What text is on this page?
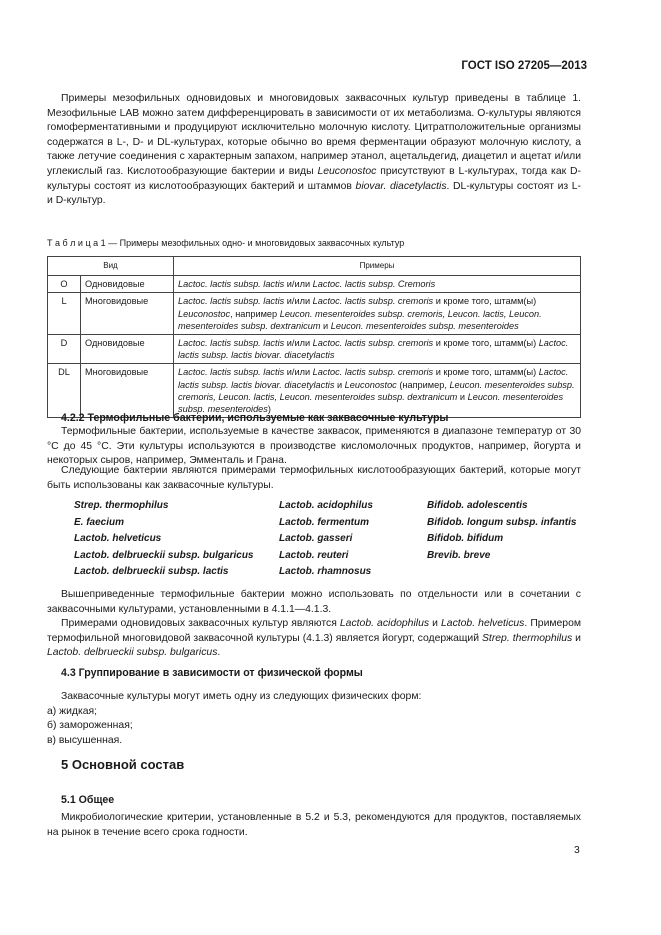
ГОСТ ISO 27205—2013

Примеры мезофильных одновидовых и многовидовых заквасочных культур приведены в таблице 1. Мезофильные LAB можно затем дифференцировать в зависимости от их метаболизма. О-культуры являются гомоферментативными и продуцируют исключительно молочную кислоту. Цитратположительные организмы содержатся в L-, D- и DL-культурах, которые обычно во время ферментации образуют молочную кислоту, а также летучие соединения с характерным запахом, например этанол, ацетальдегид, диацетил и ацетат и/или углекислый газ. Кислотообразующие бактерии и виды Leuconostoc присутствуют в L-культурах, тогда как D-культуры состоят из кислотообразующих бактерий и штаммов biovar. diacetylactis. DL-культуры состоят из L- и D-культур.

Т а б л и ц а 1 — Примеры мезофильных одно- и многовидовых заквасочных культур
Вид		Примеры
O	Одновидовые	Lactoc. lactis subsp. lactis и/или Lactoc. lactis subsp. Cremoris
L	Многовидовые	Lactoc. lactis subsp. lactis и/или Lactoc. lactis subsp. cremoris и кроме того, штамм(ы) Leuconostoc, например Leucon. mesenteroides subsp. cremoris, Leucon. lactis, Leucon. mesenteroides subsp. dextranicum и Leucon. mesenteroides subsp. mesenteroides
D	Одновидовые	Lactoc. lactis subsp. lactis и/или Lactoc. lactis subsp. cremoris и кроме того, штамм(ы) Lactoc. lactis subsp. lactis biovar. diacetylactis
DL	Многовидовые	Lactoc. lactis subsp. lactis и/или Lactoc. lactis subsp. cremoris и кроме того, штамм(ы) Lactoc. lactis subsp. lactis biovar. diacetylactis и Leuconostoc (например, Leucon. mesenteroides subsp. cremoris, Leucon. lactis, Leucon. mesenteroides subsp. dextranicum и Leucon. mesenteroides subsp. mesenteroides)
4.2.2 Термофильные бактерии, используемые как заквасочные культуры

Термофильные бактерии, используемые в качестве заквасок, применяются в диапазоне температур от 30 °С до 45 °С. Эти культуры используются в производстве кисломолочных продуктов, например, йогурта и некоторых сыров, например, Эмменталь и Грана.

Следующие бактерии являются примерами термофильных кислотообразующих бактерий, которые могут быть использованы как заквасочные культуры.

Strep. thermophilus
E. faecium
Lactob. helveticus
Lactob. delbrueckii subsp. bulgaricus
Lactob. delbrueckii subsp. lactis
Lactob. acidophilus
Lactob. fermentum
Lactob. gasseri
Lactob. reuteri
Lactob. rhamnosus
Bifidob. adolescentis
Bifidob. longum subsp. infantis
Bifidob. bifidum
Brevib. breve

Вышеприведенные термофильные бактерии можно использовать по отдельности или в сочетании с заквасочными культурами, установленными в 4.1.1—4.1.3.

Примерами одновидовых заквасочных культур являются Lactob. acidophilus и Lactob. helveticus. Примером термофильной многовидовой заквасочной культуры (4.1.3) является йогурт, содержащий Strep. thermophilus и Lactob. delbrueckii subsp. bulgaricus.

4.3 Группирование в зависимости от физической формы

Заквасочные культуры могут иметь одну из следующих физических форм:

а) жидкая;
б) замороженная;
в) высушенная.
5 Основной состав
5.1 Общее

Микробиологические критерии, установленные в 5.2 и 5.3, рекомендуются для продуктов, поставляемых на рынок в течение всего срока годности.

3
